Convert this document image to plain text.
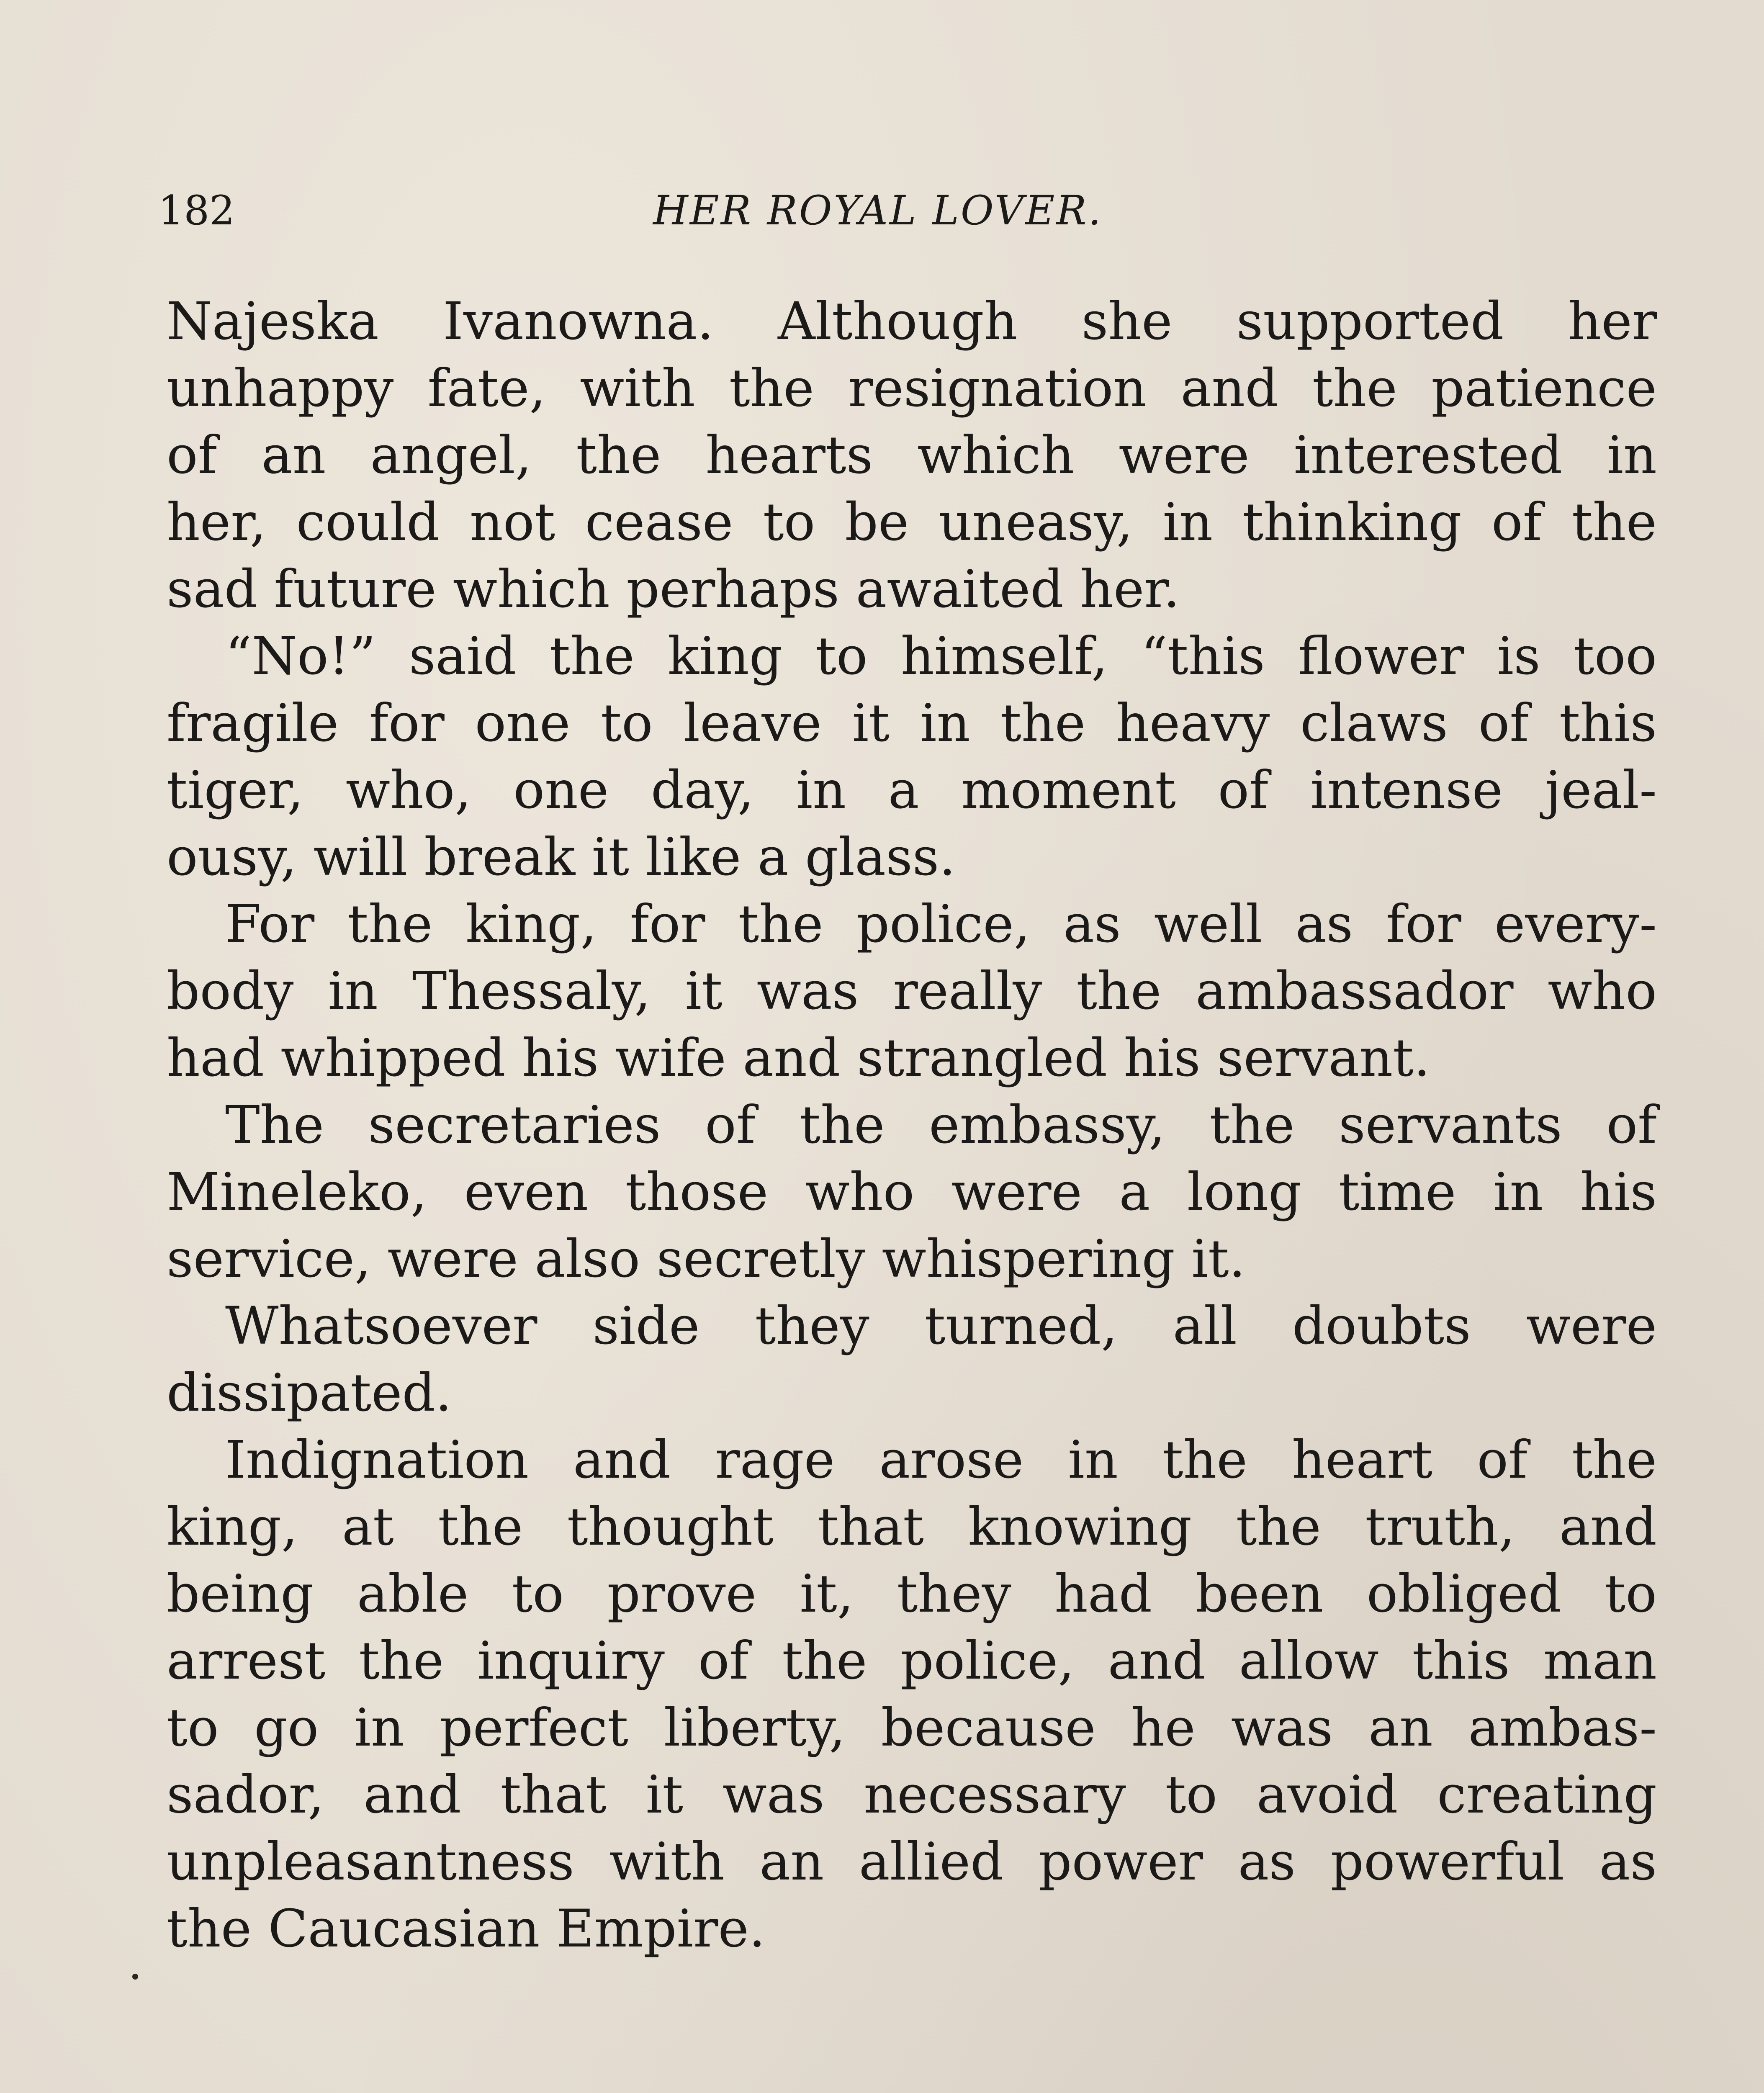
182	HER ROYAL LOVER.
Najeska Ivanowna. Although she supported her
unhappy fate, with the resignation and the patience
of an angel, the hearts which were interested in
her, could not cease to be uneasy, in thinking of the
sad future which perhaps awaited her.
“No!” said the king to himself, “this flower is too
fragile for one to leave it in the heavy claws of this
tiger, who, one day, in a moment of intense jeal-
ousy, will break it like a glass.
For the king, for the police, as well as for every-
body in Thessaly, it was really the ambassador who
had whipped his wife and strangled his servant.
The secretaries of the embassy, the servants of
Mineleko, even those who were a long time in his
service, were also secretly whispering it.
Whatsoever side they turned, all doubts were
dissipated.
Indignation and rage arose in the heart of the
king, at the thought that knowing the truth, and
being able to prove it, they had been obliged to
arrest the inquiry of the police, and allow this man
to go in perfect liberty, because he was an ambas-
sador, and that it was necessary to avoid creating
unpleasantness with an allied power as powerful as
the Caucasian Empire.
